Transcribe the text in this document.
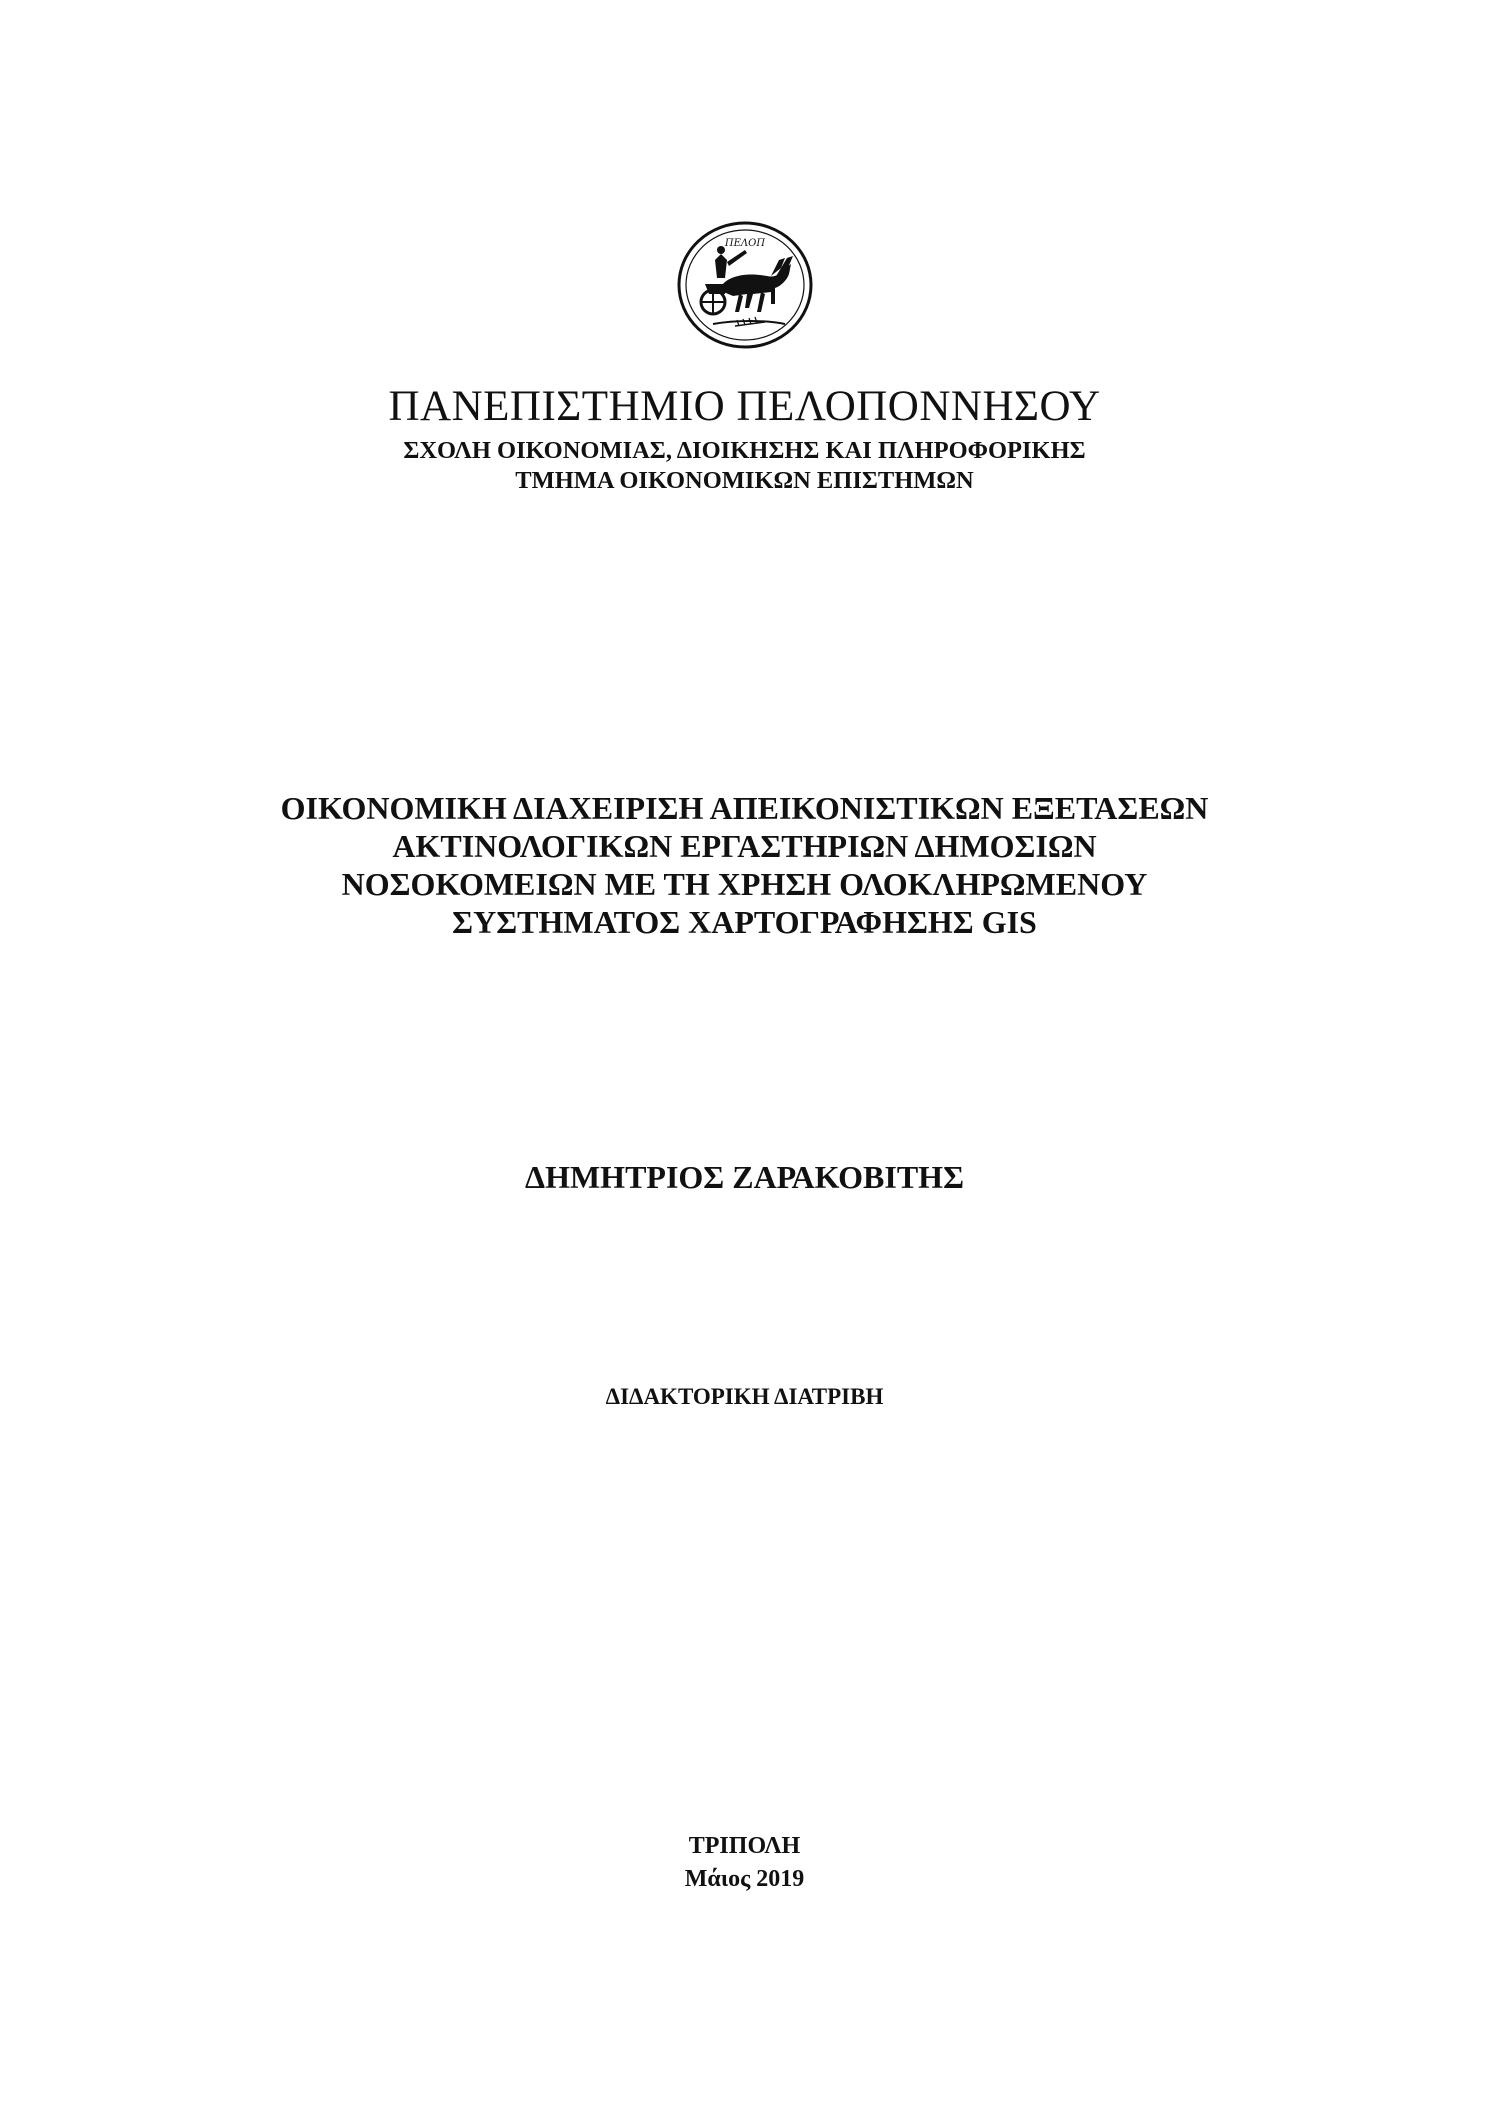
ΠΕΛΟΠ
ΠΑΝΕΠΙΣΤΗΜΙΟ ΠΕΛΟΠΟΝΝΗΣΟΥ
ΣΧΟΛΗ ΟΙΚΟΝΟΜΙΑΣ, ΔΙΟΙΚΗΣΗΣ ΚΑΙ ΠΛΗΡΟΦΟΡΙΚΗΣ
ΤΜΗΜΑ ΟΙΚΟΝΟΜΙΚΩΝ ΕΠΙΣΤΗΜΩΝ
ΟΙΚΟΝΟΜΙΚΗ ΔΙΑΧΕΙΡΙΣΗ ΑΠΕΙΚΟΝΙΣΤΙΚΩΝ ΕΞΕΤΑΣΕΩΝ
ΑΚΤΙΝΟΛΟΓΙΚΩΝ ΕΡΓΑΣΤΗΡΙΩΝ ΔΗΜΟΣΙΩΝ
ΝΟΣΟΚΟΜΕΙΩΝ ΜΕ ΤΗ ΧΡΗΣΗ ΟΛΟΚΛΗΡΩΜΕΝΟΥ
ΣΥΣΤΗΜΑΤΟΣ ΧΑΡΤΟΓΡΑΦΗΣΗΣ GIS
ΔΗΜΗΤΡΙΟΣ ΖΑΡΑΚΟΒΙΤΗΣ
ΔΙΔΑΚΤΟΡΙΚΗ ΔΙΑΤΡΙΒΗ
ΤΡΙΠΟΛΗ
Μάιος 2019
